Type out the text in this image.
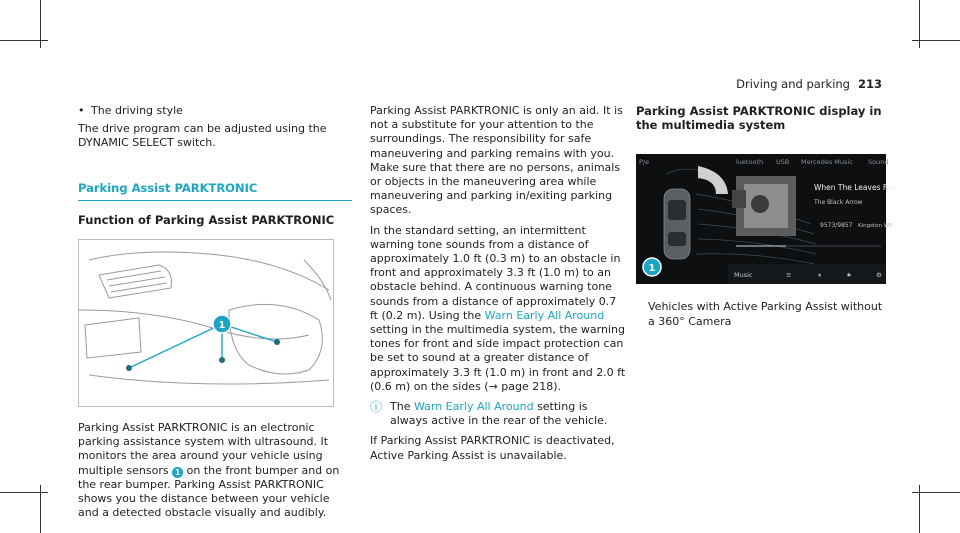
Driving and parking 213
• The driving style

The drive program can be adjusted using the DYNAMIC SELECT switch.

Parking Assist PARKTRONIC
Function of Parking Assist PARKTRONIC
1

Parking Assist PARKTRONIC is an electronic parking assistance system with ultrasound. It monitors the area around your vehicle using multiple sensors 1 on the front bumper and on the rear bumper. Parking Assist PARKTRONIC shows you the distance between your vehicle and a detected obstacle visually and audibly.

Parking Assist PARKTRONIC is only an aid. It is not a substitute for your attention to the surroundings. The responsibility for safe maneuvering and parking remains with you. Make sure that there are no persons, animals or objects in the maneuvering area while maneuvering and parking in/exiting parking spaces.

In the standard setting, an intermittent warning tone sounds from a distance of approximately 1.0 ft (0.3 m) to an obstacle in front and approximately 3.3 ft (1.0 m) to an obstacle behind. A continuous warning tone sounds from a distance of approximately 0.7 ft (0.2 m). Using the Warn Early All Around setting in the multimedia system, the warning tones for front and side impact protection can be set to sound at a greater distance of approximately 3.3 ft (1.0 m) in front and 2.0 ft (0.6 m) on the sides (→ page 218).

ⓘ The Warn Early All Around setting is always active in the rear of the vehicle.

If Parking Assist PARKTRONIC is deactivated, Active Parking Assist is unavailable.

Parking Assist PARKTRONIC display in the multimedia system
P/e	luetooth USB Mercedes Music Sound
When The Leaves Fall
The Black Arrow
9573/9857 Kingston W5
Music	≡	⏸	★	⚙
1
Vehicles with Active Parking Assist without a 360° Camera
